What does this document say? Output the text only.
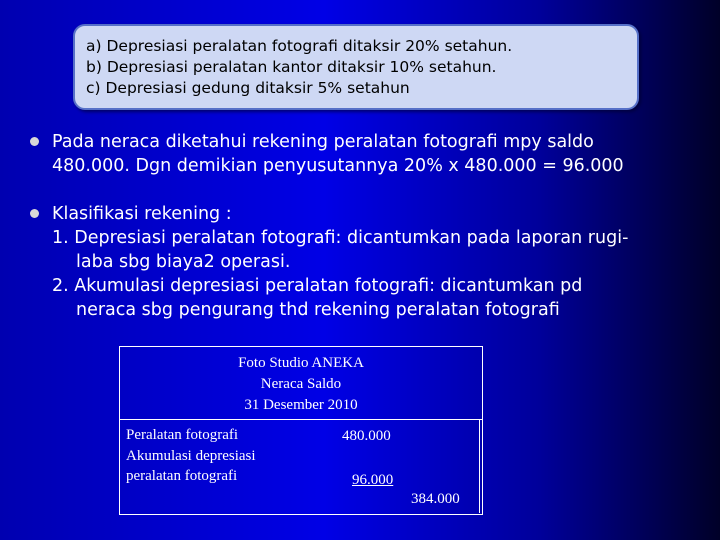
a) Depresiasi peralatan fotografi ditaksir 20% setahun.
b) Depresiasi peralatan kantor ditaksir 10% setahun.
c) Depresiasi gedung ditaksir 5% setahun
Pada neraca diketahui rekening peralatan fotografi mpy saldo
480.000. Dgn demikian penyusutannya 20% x 480.000 = 96.000
Klasifikasi rekening :
1. Depresiasi peralatan fotografi: dicantumkan pada laporan rugi-
laba sbg biaya2 operasi.
2. Akumulasi depresiasi peralatan fotografi: dicantumkan pd
neraca sbg pengurang thd rekening peralatan fotografi
Foto Studio ANEKA
Neraca Saldo
31 Desember 2010
Peralatan fotografi
Akumulasi depresiasi
peralatan fotografi
480.000
96.000
384.000
